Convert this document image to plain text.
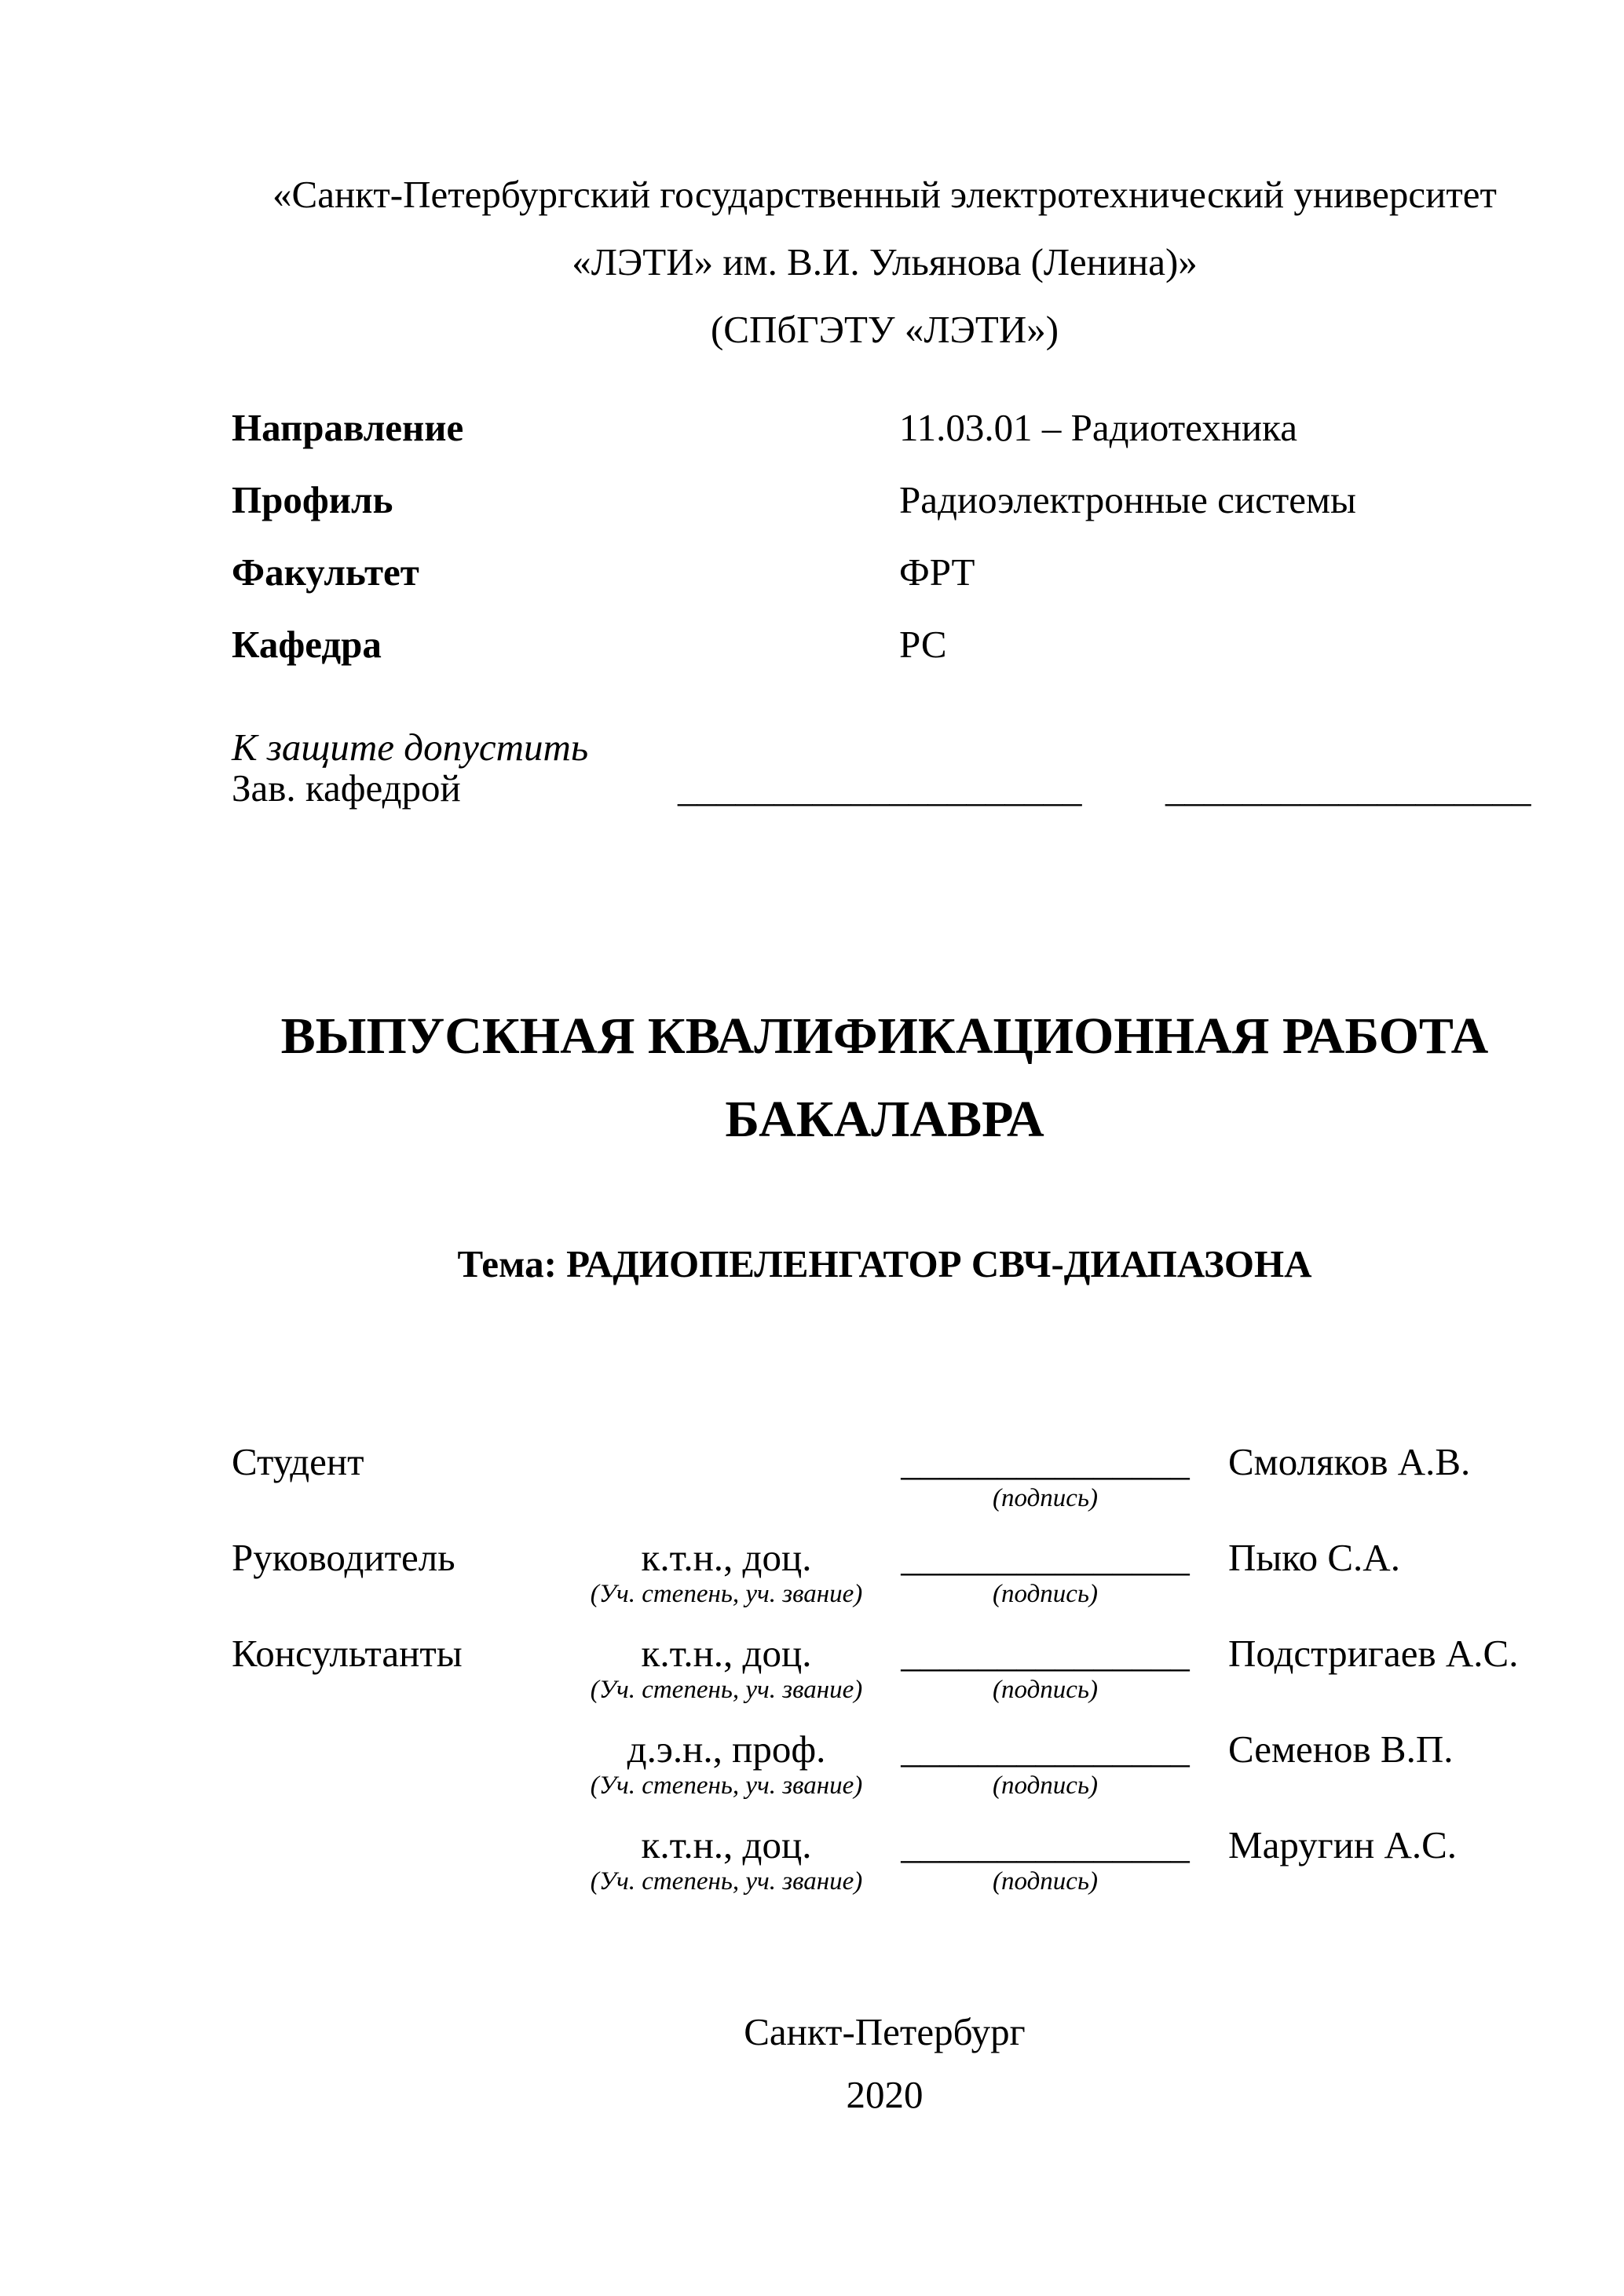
«Санкт-Петербургский государственный электротехнический университет
«ЛЭТИ» им. В.И. Ульянова (Ленина)»
(СПбГЭТУ «ЛЭТИ»)
Направление	11.03.01 – Радиотехника
Профиль	Радиоэлектронные системы
Факультет	ФРТ
Кафедра	РС
К защите допустить
Зав. кафедрой	_____________________	___________________
ВЫПУСКНАЯ КВАЛИФИКАЦИОННАЯ РАБОТА
БАКАЛАВРА
Тема: РАДИОПЕЛЕНГАТОР СВЧ-ДИАПАЗОНА
Студент	_______________	Смоляков А.В.
(подпись)
Руководитель	к.т.н., доц.	_______________	Пыко С.А.
(Уч. степень, уч. звание)	(подпись)
Консультанты	к.т.н., доц.	_______________	Подстригаев А.С.
(Уч. степень, уч. звание)	(подпись)
д.э.н., проф.	_______________	Семенов В.П.
(Уч. степень, уч. звание)	(подпись)
к.т.н., доц.	_______________	Маругин А.С.
(Уч. степень, уч. звание)	(подпись)
Санкт-Петербург
2020
